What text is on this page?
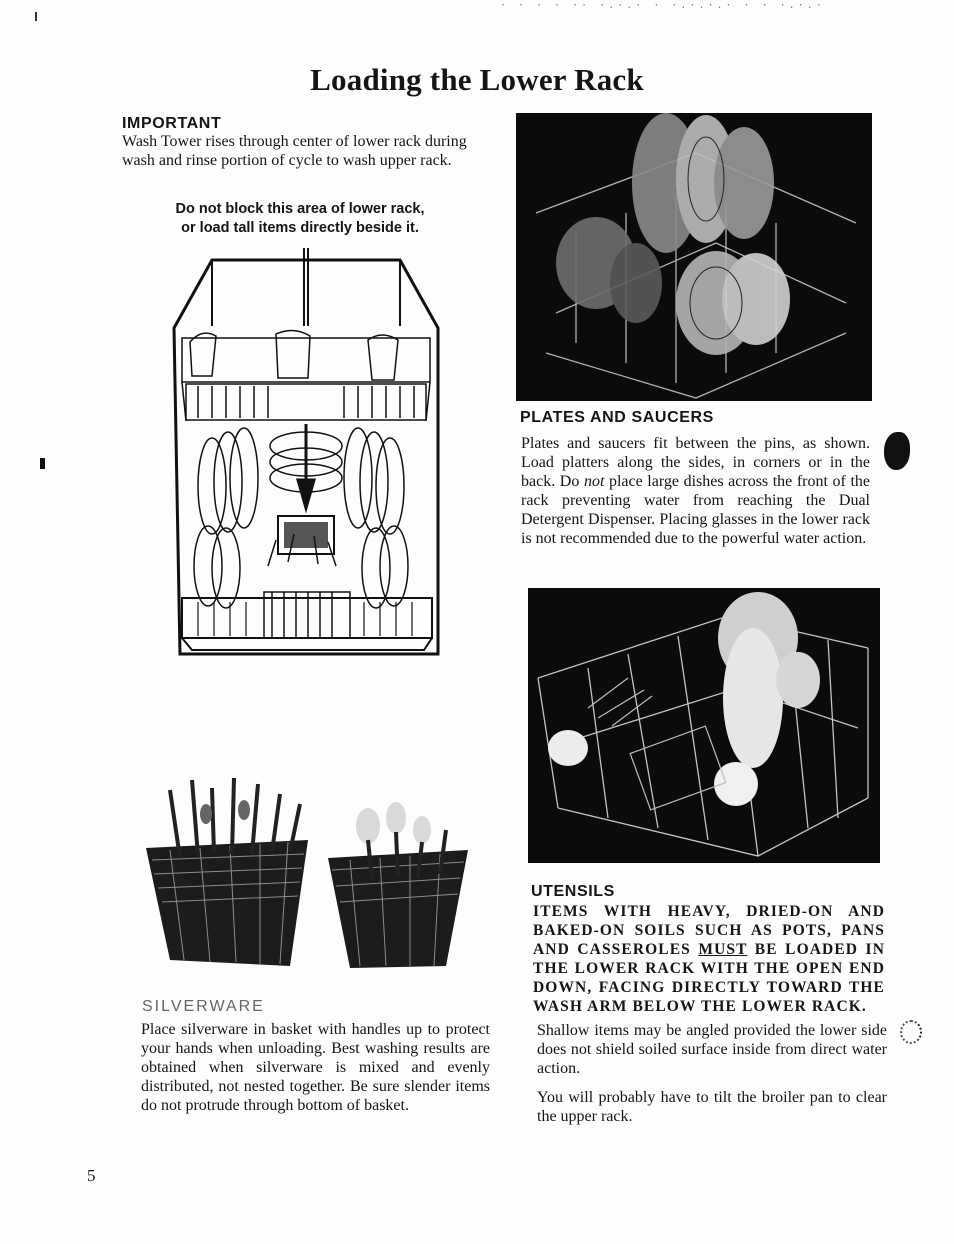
· · · · ·· ·.·.· · ·.·.·.· · · ·.·.·
Loading the Lower Rack
IMPORTANT
Wash Tower rises through center of lower rack during wash and rinse portion of cycle to wash upper rack.
Do not block this area of lower rack,
or load tall items directly beside it.
PLATES AND SAUCERS
Plates and saucers fit between the pins, as shown. Load platters along the sides, in corners or in the back. Do not place large dishes across the front of the rack preventing water from reaching the Dual Detergent Dispenser. Placing glasses in the lower rack is not recommended due to the powerful water action.
SILVERWARE
Place silverware in basket with handles up to protect your hands when unloading. Best washing results are obtained when silverware is mixed and evenly distributed, not nested together. Be sure slender items do not protrude through bottom of basket.
UTENSILS
ITEMS WITH HEAVY, DRIED-ON AND BAKED-ON SOILS SUCH AS POTS, PANS AND CASSEROLES MUST BE LOADED IN THE LOWER RACK WITH THE OPEN END DOWN, FACING DIRECTLY TOWARD THE WASH ARM BELOW THE LOWER RACK.
Shallow items may be angled provided the lower side does not shield soiled surface inside from direct water action.
You will probably have to tilt the broiler pan to clear the upper rack.
5
